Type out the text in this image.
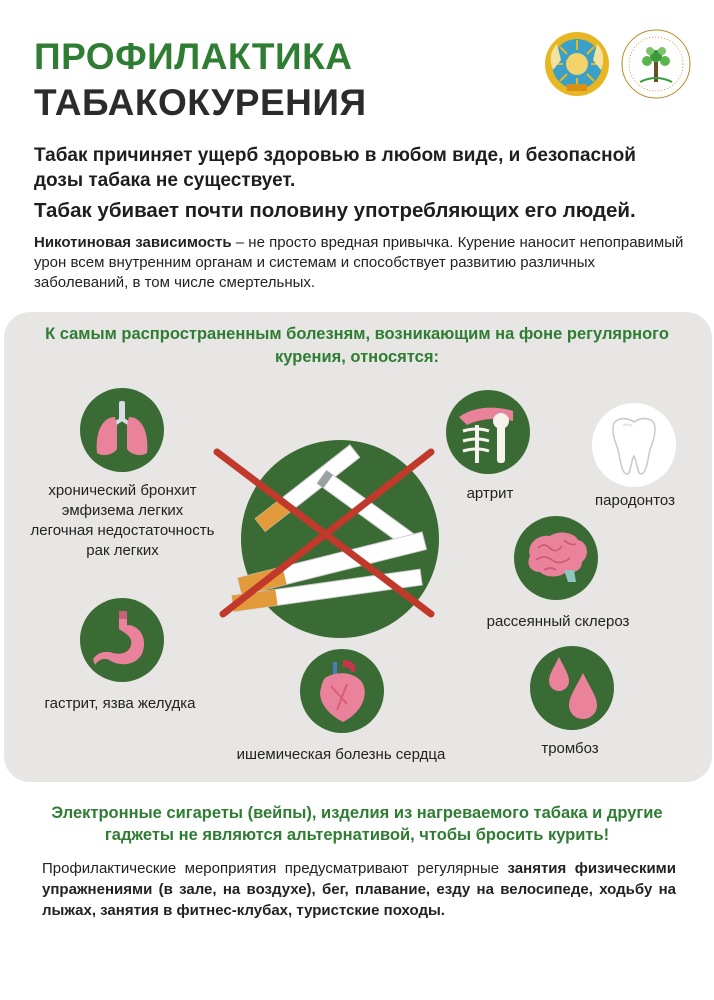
ПРОФИЛАКТИКА
ТАБАКОКУРЕНИЯ
Табак причиняет ущерб здоровью в любом виде, и безопасной дозы табака не существует.
Табак убивает почти половину употребляющих его людей.
Никотиновая зависимость – не просто вредная привычка. Курение наносит непоправимый урон всем внутренним органам и системам и способствует развитию различных заболеваний, в том числе смертельных.
К самым распространенным болезням, возникающим на фоне регулярного курения, относятся:
хронический бронхит
эмфизема легких
легочная недостаточность
рак легких
гастрит, язва желудка
ишемическая болезнь сердца
артрит	пародонтоз
рассеянный склероз
тромбоз
Электронные сигареты (вейпы), изделия из нагреваемого табака и другие гаджеты не являются альтернативой, чтобы бросить курить!
Профилактические мероприятия предусматривают регулярные занятия физическими упражнениями (в зале, на воздухе), бег, плавание, езду на велосипеде, ходьбу на лыжах, занятия в фитнес-клубах, туристские походы.
